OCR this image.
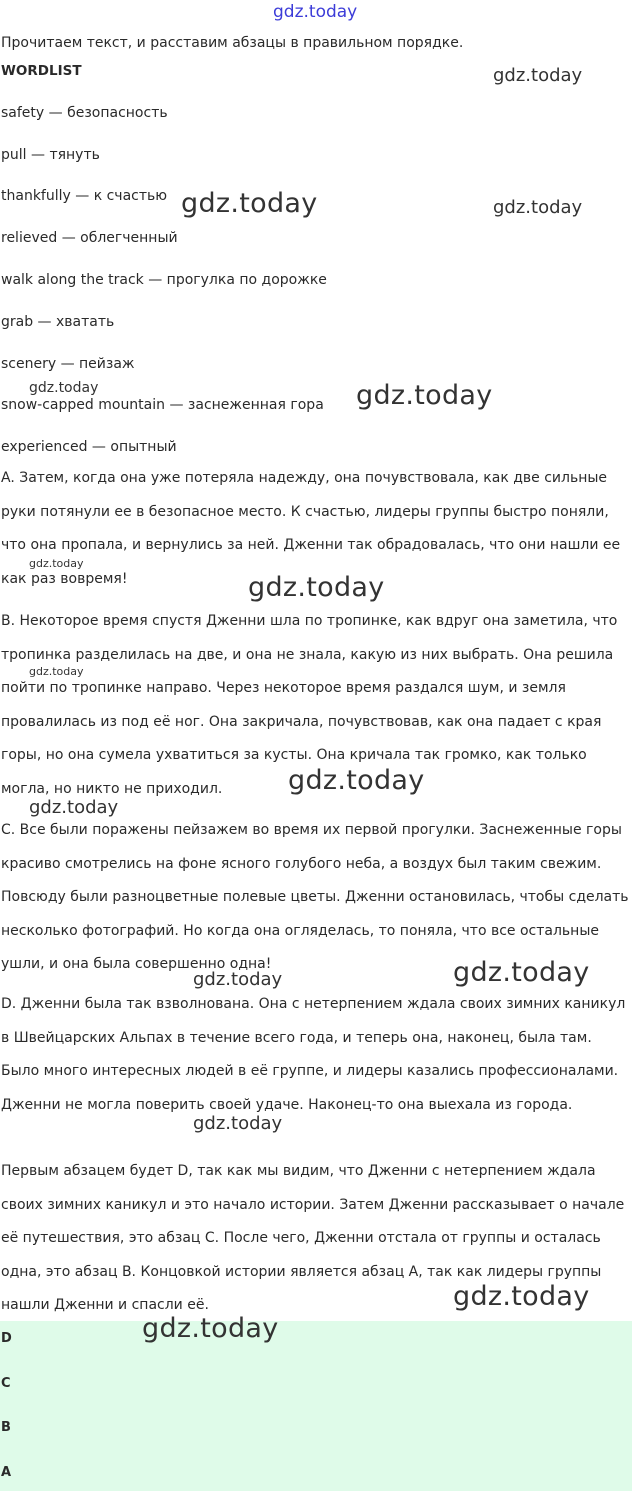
gdz.today
gdz.today
gdz.today	gdz.today
gdz.today	gdz.today
gdz.today
gdz.today
gdz.today
gdz.today
gdz.today
gdz.today
gdz.today
gdz.today
gdz.today

Прочитаем текст, и расставим абзацы в правильном порядке.

WORDLIST

safety — безопасность

pull — тянуть

thankfully — к счастью

relieved — облегченный

walk along the track — прогулка по дорожке

grab — хватать

scenery — пейзаж

snow-capped mountain — заснеженная гора

experienced — опытный

A. Затем, когда она уже потеряла надежду, она почувствовала, как две сильные руки потянули ее в безопасное место. К счастью, лидеры группы быстро поняли, что она пропала, и вернулись за ней. Дженни так обрадовалась, что они нашли ее как раз вовремя!

B. Некоторое время спустя Дженни шла по тропинке, как вдруг она заметила, что тропинка разделилась на две, и она не знала, какую из них выбрать. Она решила пойти по тропинке направо. Через некоторое время раздался шум, и земля провалилась из под её ног. Она закричала, почувствовав, как она падает с края горы, но она сумела ухватиться за кусты. Она кричала так громко, как только могла, но никто не приходил.

C. Все были поражены пейзажем во время их первой прогулки. Заснеженные горы красиво смотрелись на фоне ясного голубого неба, а воздух был таким свежим. Повсюду были разноцветные полевые цветы. Дженни остановилась, чтобы сделать несколько фотографий. Но когда она огляделась, то поняла, что все остальные ушли, и она была совершенно одна!

D. Дженни была так взволнована. Она с нетерпением ждала своих зимних каникул в Швейцарских Альпах в течение всего года, и теперь она, наконец, была там. Было много интересных людей в её группе, и лидеры казались профессионалами. Дженни не могла поверить своей удаче. Наконец-то она выехала из города.

Первым абзацем будет D, так как мы видим, что Дженни с нетерпением ждала своих зимних каникул и это начало истории. Затем Дженни рассказывает о начале её путешествия, это абзац C. После чего, Дженни отстала от группы и осталась одна, это абзац B. Концовкой истории является абзац A, так как лидеры группы нашли Дженни и спасли её.

D
C
B
A
gdz.today
